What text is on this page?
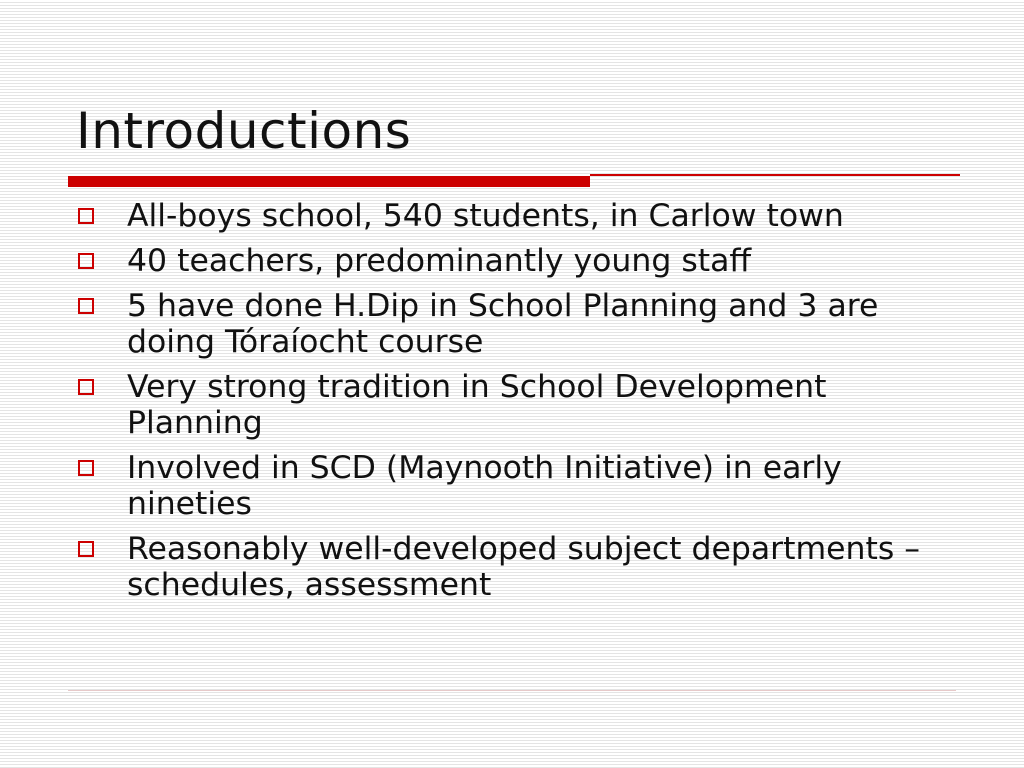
Introductions
All-boys school, 540 students, in Carlow town
40 teachers, predominantly young staff
5 have done H.Dip in School Planning and 3 are doing Tóraíocht course
Very strong tradition in School Development Planning
Involved in SCD (Maynooth Initiative) in early nineties
Reasonably well-developed subject departments – schedules, assessment
